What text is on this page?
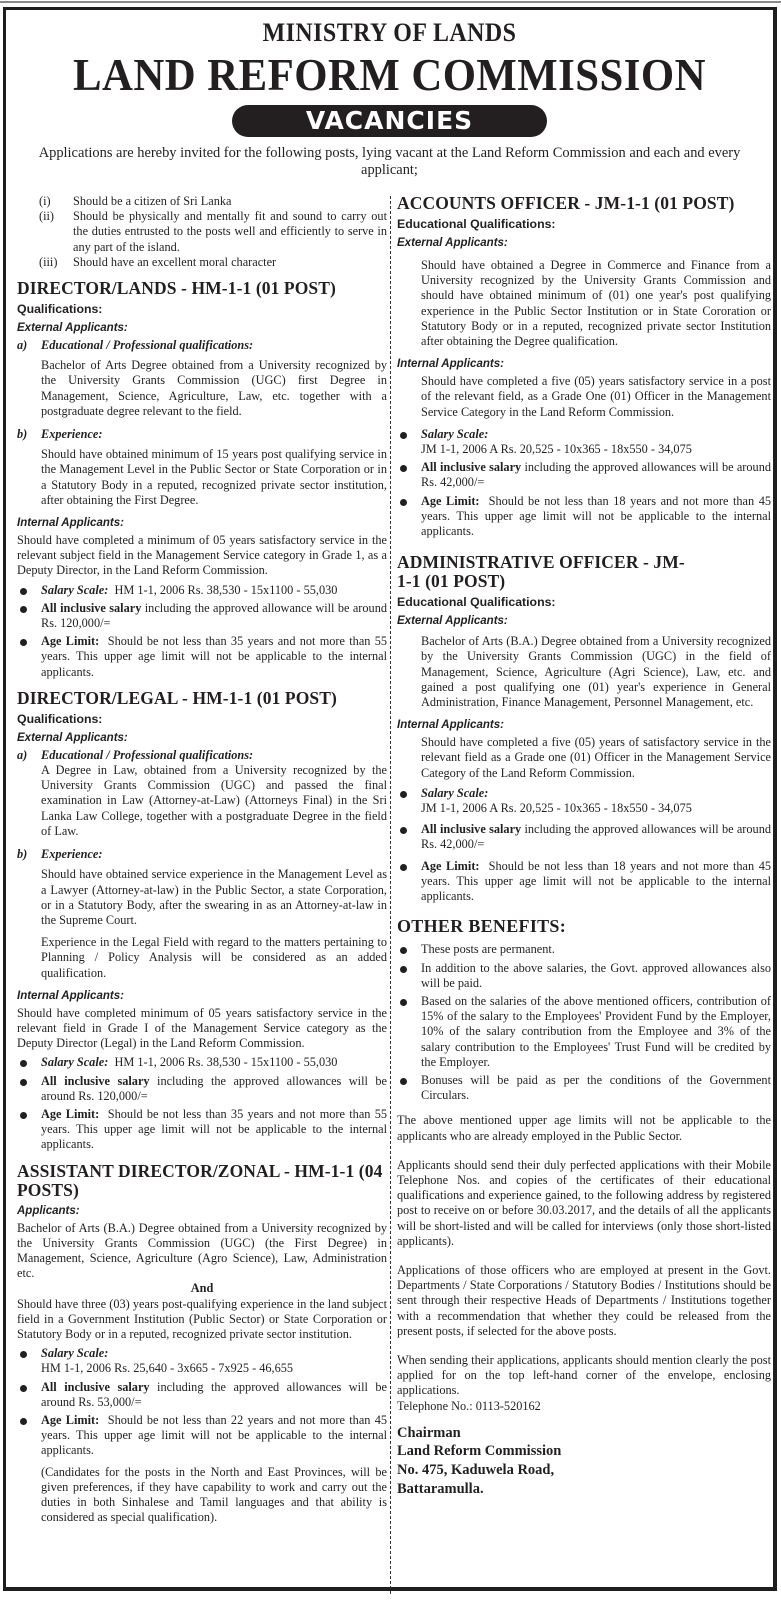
MINISTRY OF LANDS
LAND REFORM COMMISSION
VACANCIES
Applications are hereby invited for the following posts, lying vacant at the Land Reform Commission and each and every applicant;
(i)	Should be a citizen of Sri Lanka
(ii)	Should be physically and mentally fit and sound to carry out the duties entrusted to the posts well and efficiently to serve in any part of the island.
(iii)	Should have an excellent moral character
DIRECTOR/LANDS - HM-1-1 (01 POST)
Qualifications:
External Applicants:
a)	Educational / Professional qualifications:
Bachelor of Arts Degree obtained from a University recognized by the University Grants Commission (UGC) first Degree in Management, Science, Agriculture, Law, etc. together with a postgraduate degree relevant to the field.
b)	Experience:
Should have obtained minimum of 15 years post qualifying service in the Management Level in the Public Sector or State Corporation or in a Statutory Body in a reputed, recognized private sector institution, after obtaining the First Degree.
Internal Applicants:
Should have completed a minimum of 05 years satisfactory service in the relevant subject field in the Management Service category in Grade 1, as a Deputy Director, in the Land Reform Commission.
Salary Scale: HM 1-1, 2006 Rs. 38,530 - 15x1100 - 55,030
All inclusive salary including the approved allowance will be around Rs. 120,000/=
Age Limit: Should be not less than 35 years and not more than 55 years. This upper age limit will not be applicable to the internal applicants.
DIRECTOR/LEGAL - HM-1-1 (01 POST)
Qualifications:
External Applicants:
a)	Educational / Professional qualifications:
A Degree in Law, obtained from a University recognized by the University Grants Commission (UGC) and passed the final examination in Law (Attorney-at-Law) (Attorneys Final) in the Sri Lanka Law College, together with a postgraduate Degree in the field of Law.
b)	Experience:
Should have obtained service experience in the Management Level as a Lawyer (Attorney-at-law) in the Public Sector, a state Corporation, or in a Statutory Body, after the swearing in as an Attorney-at-law in the Supreme Court.
Experience in the Legal Field with regard to the matters pertaining to Planning / Policy Analysis will be considered as an added qualification.
Internal Applicants:
Should have completed minimum of 05 years satisfactory service in the relevant field in Grade I of the Management Service category as the Deputy Director (Legal) in the Land Reform Commission.
Salary Scale: HM 1-1, 2006 Rs. 38,530 - 15x1100 - 55,030
All inclusive salary including the approved allowances will be around Rs. 120,000/=
Age Limit: Should be not less than 35 years and not more than 55 years. This upper age limit will not be applicable to the internal applicants.
ASSISTANT DIRECTOR/ZONAL - HM-1-1 (04 POSTS)
Applicants:
Bachelor of Arts (B.A.) Degree obtained from a University recognized by the University Grants Commission (UGC) (the First Degree) in Management, Science, Agriculture (Agro Science), Law, Administration etc.
And
Should have three (03) years post-qualifying experience in the land subject field in a Government Institution (Public Sector) or State Corporation or Statutory Body or in a reputed, recognized private sector institution.
Salary Scale:
HM 1-1, 2006 Rs. 25,640 - 3x665 - 7x925 - 46,655
All inclusive salary including the approved allowances will be around Rs. 53,000/=
Age Limit: Should be not less than 22 years and not more than 45 years. This upper age limit will not be applicable to the internal applicants.
(Candidates for the posts in the North and East Provinces, will be given preferences, if they have capability to work and carry out the duties in both Sinhalese and Tamil languages and that ability is considered as special qualification).
ACCOUNTS OFFICER - JM-1-1 (01 POST)
Educational Qualifications:
External Applicants:
Should have obtained a Degree in Commerce and Finance from a University recognized by the University Grants Commission and should have obtained minimum of (01) one year's post qualifying experience in the Public Sector Institution or in State Cororation or Statutory Body or in a reputed, recognized private sector Institution after obtaining the Degree qualification.
Internal Applicants:
Should have completed a five (05) years satisfactory service in a post of the relevant field, as a Grade One (01) Officer in the Management Service Category in the Land Reform Commission.
Salary Scale:
JM 1-1, 2006 A Rs. 20,525 - 10x365 - 18x550 - 34,075
All inclusive salary including the approved allowances will be around Rs. 42,000/=
Age Limit: Should be not less than 18 years and not more than 45 years. This upper age limit will not be applicable to the internal applicants.
ADMINISTRATIVE OFFICER - JM-1-1 (01 POST)
Educational Qualifications:
External Applicants:
Bachelor of Arts (B.A.) Degree obtained from a University recognized by the University Grants Commission (UGC) in the field of Management, Science, Agriculture (Agri Science), Law, etc. and gained a post qualifying one (01) year's experience in General Administration, Finance Management, Personnel Management, etc.
Internal Applicants:
Should have completed a five (05) years of satisfactory service in the relevant field as a Grade one (01) Officer in the Management Service Category of the Land Reform Commission.
Salary Scale:
JM 1-1, 2006 A Rs. 20,525 - 10x365 - 18x550 - 34,075
All inclusive salary including the approved allowances will be around Rs. 42,000/=
Age Limit: Should be not less than 18 years and not more than 45 years. This upper age limit will not be applicable to the internal applicants.
OTHER BENEFITS:
These posts are permanent.
In addition to the above salaries, the Govt. approved allowances also will be paid.
Based on the salaries of the above mentioned officers, contribution of 15% of the salary to the Employees' Provident Fund by the Employer, 10% of the salary contribution from the Employee and 3% of the salary contribution to the Employees' Trust Fund will be credited by the Employer.
Bonuses will be paid as per the conditions of the Government Circulars.
The above mentioned upper age limits will not be applicable to the applicants who are already employed in the Public Sector.
Applicants should send their duly perfected applications with their Mobile Telephone Nos. and copies of the certificates of their educational qualifications and experience gained, to the following address by registered post to receive on or before 30.03.2017, and the details of all the applicants will be short-listed and will be called for interviews (only those short-listed applicants).
Applications of those officers who are employed at present in the Govt. Departments / State Corporations / Statutory Bodies / Institutions should be sent through their respective Heads of Departments / Institutions together with a recommendation that whether they could be released from the present posts, if selected for the above posts.
When sending their applications, applicants should mention clearly the post applied for on the top left-hand corner of the envelope, enclosing applications.
Telephone No.: 0113-520162
Chairman
Land Reform Commission
No. 475, Kaduwela Road,
Battaramulla.
